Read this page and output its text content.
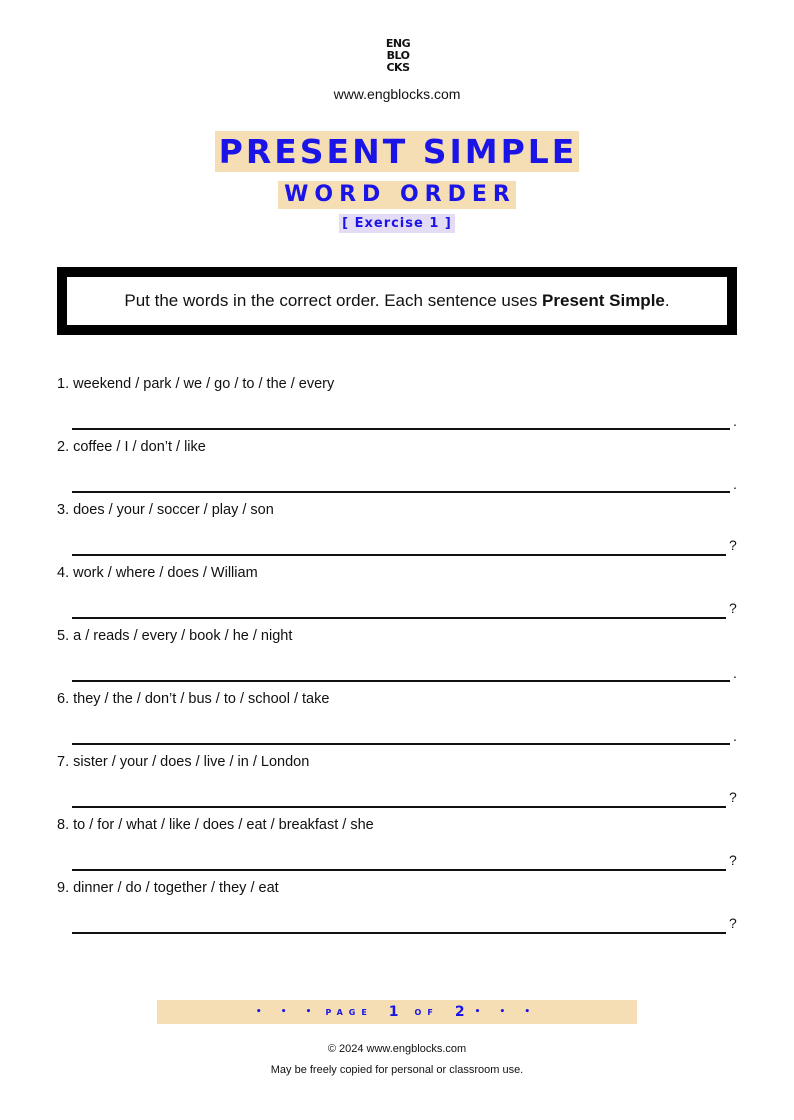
ENG
BLO
CKS
www.engblocks.com
PRESENT SIMPLE
WORD ORDER
[ Exercise 1 ]
Put the words in the correct order. Each sentence uses Present Simple.
1. weekend / park / we / go / to / the / every
.
2. coffee / I / don’t / like
.
3. does / your / soccer / play / son
?
4. work / where / does / William
?
5. a / reads / every / book / he / night
.
6. they / the / don’t / bus / to / school / take
.
7. sister / your / does / live / in / London
?
8. to / for / what / like / does / eat / breakfast / she
?
9. dinner / do / together / they / eat
?
• • • PAGE 1 OF 2 • • •
© 2024 www.engblocks.com
May be freely copied for personal or classroom use.
